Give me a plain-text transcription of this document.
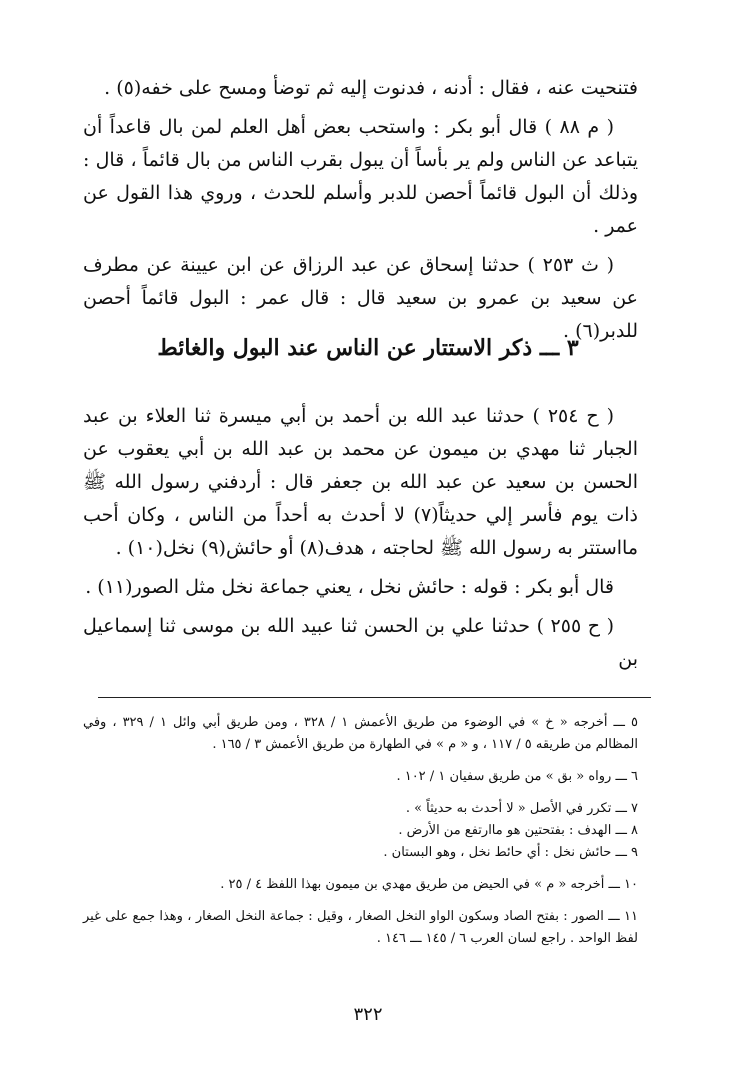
فتنحيت عنه ، فقال : أدنه ، فدنوت إليه ثم توضأ ومسح على خفه(٥) .

( م ٨٨ ) قال أبو بكر : واستحب بعض أهل العلم لمن بال قاعداً أن يتباعد عن الناس ولم ير بأساً أن يبول بقرب الناس من بال قائماً ، قال : وذلك أن البول قائماً أحصن للدبر وأسلم للحدث ، وروي هذا القول عن عمر .

( ث ٢٥٣ ) حدثنا إسحاق عن عبد الرزاق عن ابن عيينة عن مطرف عن سعيد بن عمرو بن سعيد قال : قال عمر : البول قائماً أحصن للدبر(٦) .

٣ ـــ ذكر الاستتار عن الناس عند البول والغائط

( ح ٢٥٤ ) حدثنا عبد الله بن أحمد بن أبي ميسرة ثنا العلاء بن عبد الجبار ثنا مهدي بن ميمون عن محمد بن عبد الله بن أبي يعقوب عن الحسن بن سعيد عن عبد الله بن جعفر قال : أردفني رسول الله ﷺ ذات يوم فأسر إلي حديثاً(٧) لا أحدث به أحداً من الناس ، وكان أحب مااستتر به رسول الله ﷺ لحاجته ، هدف(٨) أو حائش(٩) نخل(١٠) .

قال أبو بكر : قوله : حائش نخل ، يعني جماعة نخل مثل الصور(١١) .

( ح ٢٥٥ ) حدثنا علي بن الحسن ثنا عبيد الله بن موسى ثنا إسماعيل بن

٥ ـــ أخرجه « خ » في الوضوء من طريق الأعمش ١ / ٣٢٨ ، ومن طريق أبي وائل ١ / ٣٢٩ ، وفي المظالم من طريقه ٥ / ١١٧ ، و « م » في الطهارة من طريق الأعمش ٣ / ١٦٥ .

٦ ـــ رواه « بق » من طريق سفيان ١ / ١٠٢ .

٧ ـــ تكرر في الأصل « لا أحدث به حديثاً » .

٨ ـــ الهدف : بفتحتين هو ماارتفع من الأرض .

٩ ـــ حائش نخل : أي حائط نخل ، وهو البستان .

١٠ ـــ أخرجه « م » في الحيض من طريق مهدي بن ميمون بهذا اللفظ ٤ / ٢٥ .

١١ ـــ الصور : بفتح الصاد وسكون الواو النخل الصغار ، وقيل : جماعة النخل الصغار ، وهذا جمع على غير لفظ الواحد . راجع لسان العرب ٦ / ١٤٥ ـــ ١٤٦ .

٣٢٢
